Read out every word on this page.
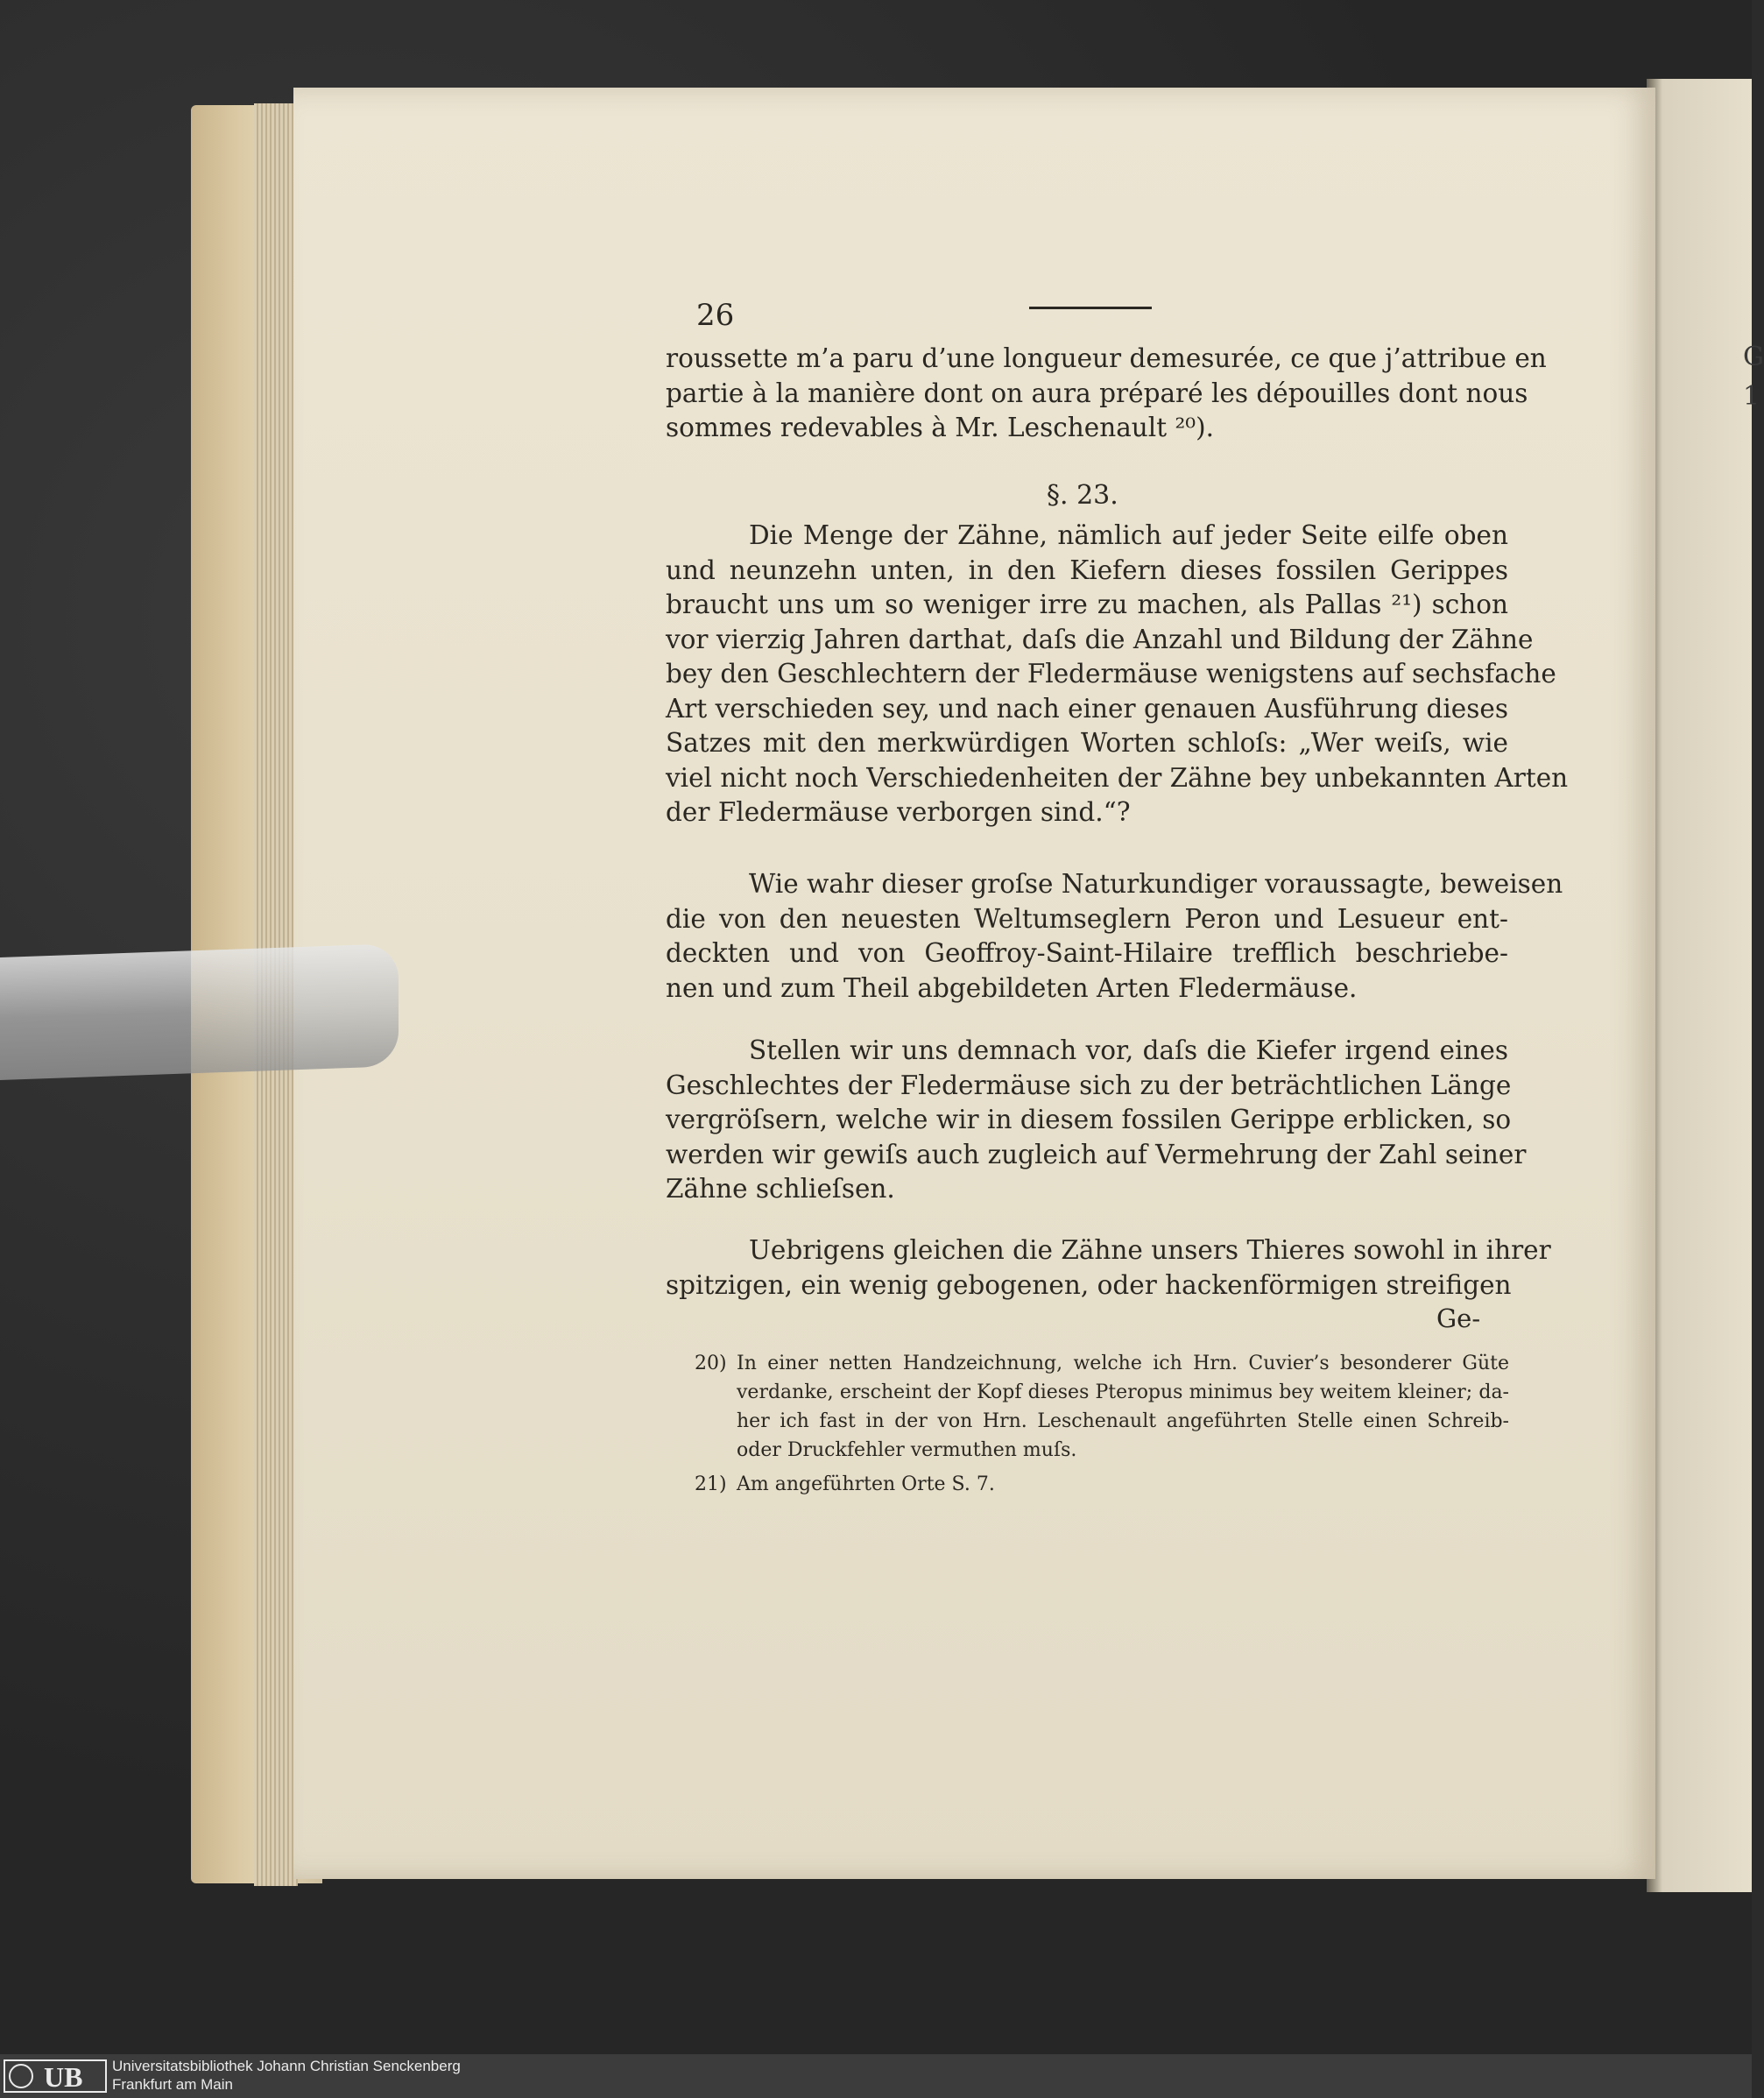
G
1
26
roussette m’a paru d’une longueur demesurée, ce que j’attribue en
partie à la manière dont on aura préparé les dépouilles dont nous
sommes redevables à Mr. Leschenault ²⁰).
§. 23.
Die Menge der Zähne, nämlich auf jeder Seite eilfe oben
und neunzehn unten, in den Kiefern dieses fossilen Gerippes
braucht uns um so weniger irre zu machen, als Pallas ²¹) schon
vor vierzig Jahren darthat, daſs die Anzahl und Bildung der Zähne
bey den Geschlechtern der Fledermäuse wenigstens auf sechsfache
Art verschieden sey, und nach einer genauen Ausführung dieses
Satzes mit den merkwürdigen Worten schloſs: „Wer weiſs, wie
viel nicht noch Verschiedenheiten der Zähne bey unbekannten Arten
der Fledermäuse verborgen sind.“?
Wie wahr dieser groſse Naturkundiger voraussagte, beweisen
die von den neuesten Weltumseglern Peron und Lesueur ent-
deckten und von Geoffroy-Saint-Hilaire trefflich beschriebe-
nen und zum Theil abgebildeten Arten Fledermäuse.
Stellen wir uns demnach vor, daſs die Kiefer irgend eines
Geschlechtes der Fledermäuse sich zu der beträchtlichen Länge
vergröſsern, welche wir in diesem fossilen Gerippe erblicken, so
werden wir gewiſs auch zugleich auf Vermehrung der Zahl seiner
Zähne schlieſsen.
Uebrigens gleichen die Zähne unsers Thieres sowohl in ihrer
spitzigen, ein wenig gebogenen, oder hackenförmigen streifigen
Ge-
20) In einer netten Handzeichnung, welche ich Hrn. Cuvier’s besonderer Güte
verdanke, erscheint der Kopf dieses Pteropus minimus bey weitem kleiner; da-
her ich fast in der von Hrn. Leschenault angeführten Stelle einen Schreib-
oder Druckfehler vermuthen muſs.
21) Am angeführten Orte S. 7.
UB Universitatsbibliothek Johann Christian Senckenberg
Frankfurt am Main
